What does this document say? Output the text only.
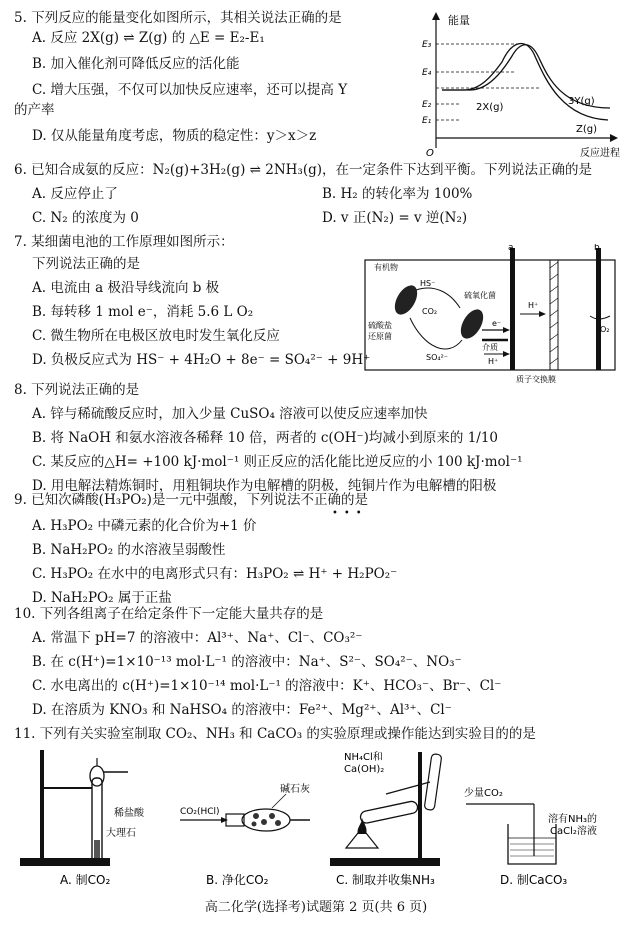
5. 下列反应的能量变化如图所示，其相关说法正确的是
A. 反应 2X(g) ⇌ Z(g) 的 △E = E₂-E₁
B. 加入催化剂可降低反应的活化能
C. 增大压强，不仅可以加快反应速率，还可以提高 Y
的产率
D. 仅从能量角度考虑，物质的稳定性：y＞x＞z
能量
反应进程
O
E₃
E₄
E₂
E₁
3Y(g)
2X(g)
Z(g)
6. 已知合成氨的反应：N₂(g)+3H₂(g) ⇌ 2NH₃(g)，在一定条件下达到平衡。下列说法正确的是
A. 反应停止了	B. H₂ 的转化率为 100%
C. N₂ 的浓度为 0	D. v 正(N₂) = v 逆(N₂)
7. 某细菌电池的工作原理如图所示：
下列说法正确的是
A. 电流由 a 极沿导线流向 b 极
B. 每转移 1 mol e⁻，消耗 5.6 L O₂
C. 微生物所在电极区放电时发生氧化反应
D. 负极反应式为 HS⁻ + 4H₂O + 8e⁻ = SO₄²⁻ + 9H⁺
a	b
有机物
HS⁻
CO₂
硫氧化菌
e⁻
介质
硫酸盐
还原菌
SO₄²⁻	H⁺
H⁺
O₂
质子交换膜
8. 下列说法正确的是
A. 锌与稀硫酸反应时，加入少量 CuSO₄ 溶液可以使反应速率加快
B. 将 NaOH 和氨水溶液各稀释 10 倍，两者的 c(OH⁻)均减小到原来的 1/10
C. 某反应的△H= +100 kJ·mol⁻¹ 则正反应的活化能比逆反应的小 100 kJ·mol⁻¹
D. 用电解法精炼铜时，用粗铜块作为电解槽的阴极，纯铜片作为电解槽的阳极
9. 已知次磷酸(H₃PO₂)是一元中强酸，下列说法不正确的是
•••
A. H₃PO₂ 中磷元素的化合价为+1 价
B. NaH₂PO₂ 的水溶液呈弱酸性
C. H₃PO₂ 在水中的电离形式只有：H₃PO₂ ⇌ H⁺ + H₂PO₂⁻
D. NaH₂PO₂ 属于正盐
10. 下列各组离子在给定条件下一定能大量共存的是
A. 常温下 pH=7 的溶液中：Al³⁺、Na⁺、Cl⁻、CO₃²⁻
B. 在 c(H⁺)=1×10⁻¹³ mol·L⁻¹ 的溶液中：Na⁺、S²⁻、SO₄²⁻、NO₃⁻
C. 水电离出的 c(H⁺)=1×10⁻¹⁴ mol·L⁻¹ 的溶液中：K⁺、HCO₃⁻、Br⁻、Cl⁻
D. 在溶质为 KNO₃ 和 NaHSO₄ 的溶液中：Fe²⁺、Mg²⁺、Al³⁺、Cl⁻
11. 下列有关实验室制取 CO₂、NH₃ 和 CaCO₃ 的实验原理或操作能达到实验目的的是
稀盐酸
大理石
A. 制CO₂
CO₂(HCl)
碱石灰
B. 净化CO₂
NH₄Cl和
Ca(OH)₂
C. 制取并收集NH₃
少量CO₂
溶有NH₃的
CaCl₂溶液
D. 制CaCO₃
高二化学(选择考)试题第 2 页(共 6 页)
